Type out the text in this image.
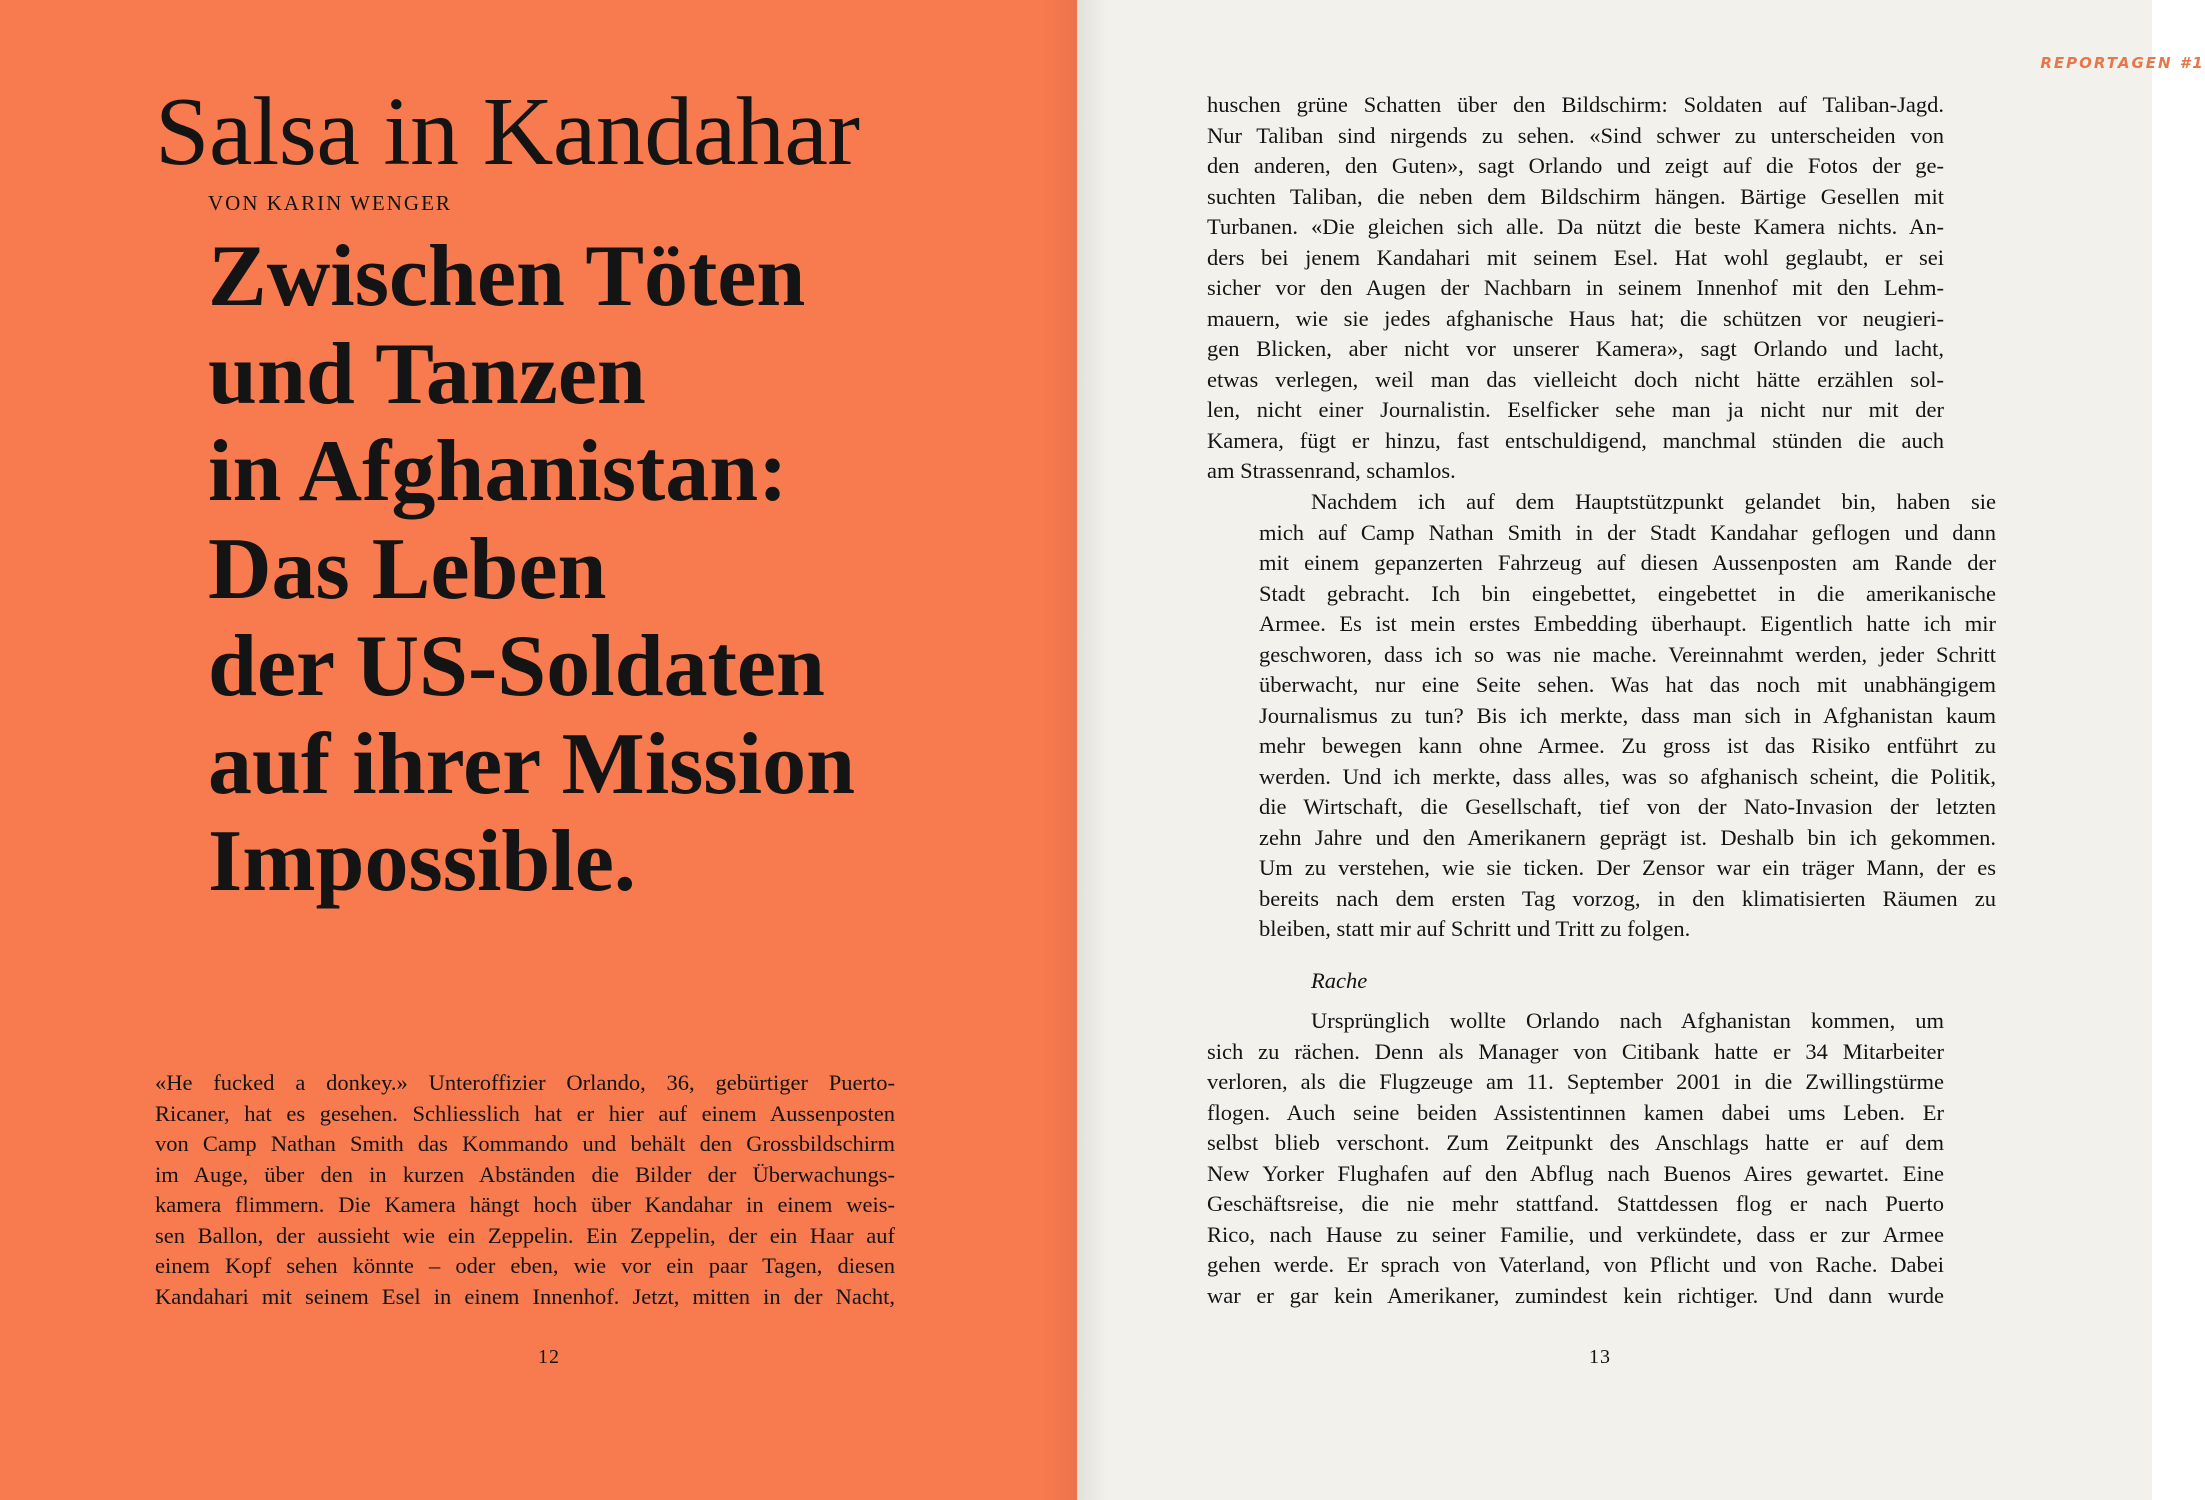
Salsa in Kandahar

VON KARIN WENGER

Zwischen Töten
und Tanzen
in Afghanistan:
Das Leben
der US-Soldaten
auf ihrer Mission
Impossible.
«He fucked a donkey.» Unteroffizier Orlando, 36, gebürtiger Puerto-
Ricaner, hat es gesehen. Schliesslich hat er hier auf einem Aussenposten
von Camp Nathan Smith das Kommando und behält den Grossbildschirm
im Auge, über den in kurzen Abständen die Bilder der Überwachungs-
kamera flimmern. Die Kamera hängt hoch über Kandahar in einem weis-
sen Ballon, der aussieht wie ein Zeppelin. Ein Zeppelin, der ein Haar auf
einem Kopf sehen könnte – oder eben, wie vor ein paar Tagen, diesen
Kandahari mit seinem Esel in einem Innenhof. Jetzt, mitten in der Nacht,

12

REPORTAGEN #1

huschen grüne Schatten über den Bildschirm: Soldaten auf Taliban-Jagd.
Nur Taliban sind nirgends zu sehen. «Sind schwer zu unterscheiden von
den anderen, den Guten», sagt Orlando und zeigt auf die Fotos der ge-
suchten Taliban, die neben dem Bildschirm hängen. Bärtige Gesellen mit
Turbanen. «Die gleichen sich alle. Da nützt die beste Kamera nichts. An-
ders bei jenem Kandahari mit seinem Esel. Hat wohl geglaubt, er sei
sicher vor den Augen der Nachbarn in seinem Innenhof mit den Lehm-
mauern, wie sie jedes afghanische Haus hat; die schützen vor neugieri-
gen Blicken, aber nicht vor unserer Kamera», sagt Orlando und lacht,
etwas verlegen, weil man das vielleicht doch nicht hätte erzählen sol-
len, nicht einer Journalistin. Eselficker sehe man ja nicht nur mit der
Kamera, fügt er hinzu, fast entschuldigend, manchmal stünden die auch
am Strassenrand, schamlos.
Nachdem ich auf dem Hauptstützpunkt gelandet bin, haben sie
mich auf Camp Nathan Smith in der Stadt Kandahar geflogen und dann
mit einem gepanzerten Fahrzeug auf diesen Aussenposten am Rande der
Stadt gebracht. Ich bin eingebettet, eingebettet in die amerikanische
Armee. Es ist mein erstes Embedding überhaupt. Eigentlich hatte ich mir
geschworen, dass ich so was nie mache. Vereinnahmt werden, jeder Schritt
überwacht, nur eine Seite sehen. Was hat das noch mit unabhängigem
Journalismus zu tun? Bis ich merkte, dass man sich in Afghanistan kaum
mehr bewegen kann ohne Armee. Zu gross ist das Risiko entführt zu
werden. Und ich merkte, dass alles, was so afghanisch scheint, die Politik,
die Wirtschaft, die Gesellschaft, tief von der Nato-Invasion der letzten
zehn Jahre und den Amerikanern geprägt ist. Deshalb bin ich gekommen.
Um zu verstehen, wie sie ticken. Der Zensor war ein träger Mann, der es
bereits nach dem ersten Tag vorzog, in den klimatisierten Räumen zu
bleiben, statt mir auf Schritt und Tritt zu folgen.

Rache

Ursprünglich wollte Orlando nach Afghanistan kommen, um
sich zu rächen. Denn als Manager von Citibank hatte er 34 Mitarbeiter
verloren, als die Flugzeuge am 11. September 2001 in die Zwillingstürme
flogen. Auch seine beiden Assistentinnen kamen dabei ums Leben. Er
selbst blieb verschont. Zum Zeitpunkt des Anschlags hatte er auf dem
New Yorker Flughafen auf den Abflug nach Buenos Aires gewartet. Eine
Geschäftsreise, die nie mehr stattfand. Stattdessen flog er nach Puerto
Rico, nach Hause zu seiner Familie, und verkündete, dass er zur Armee
gehen werde. Er sprach von Vaterland, von Pflicht und von Rache. Dabei
war er gar kein Amerikaner, zumindest kein richtiger. Und dann wurde

13
